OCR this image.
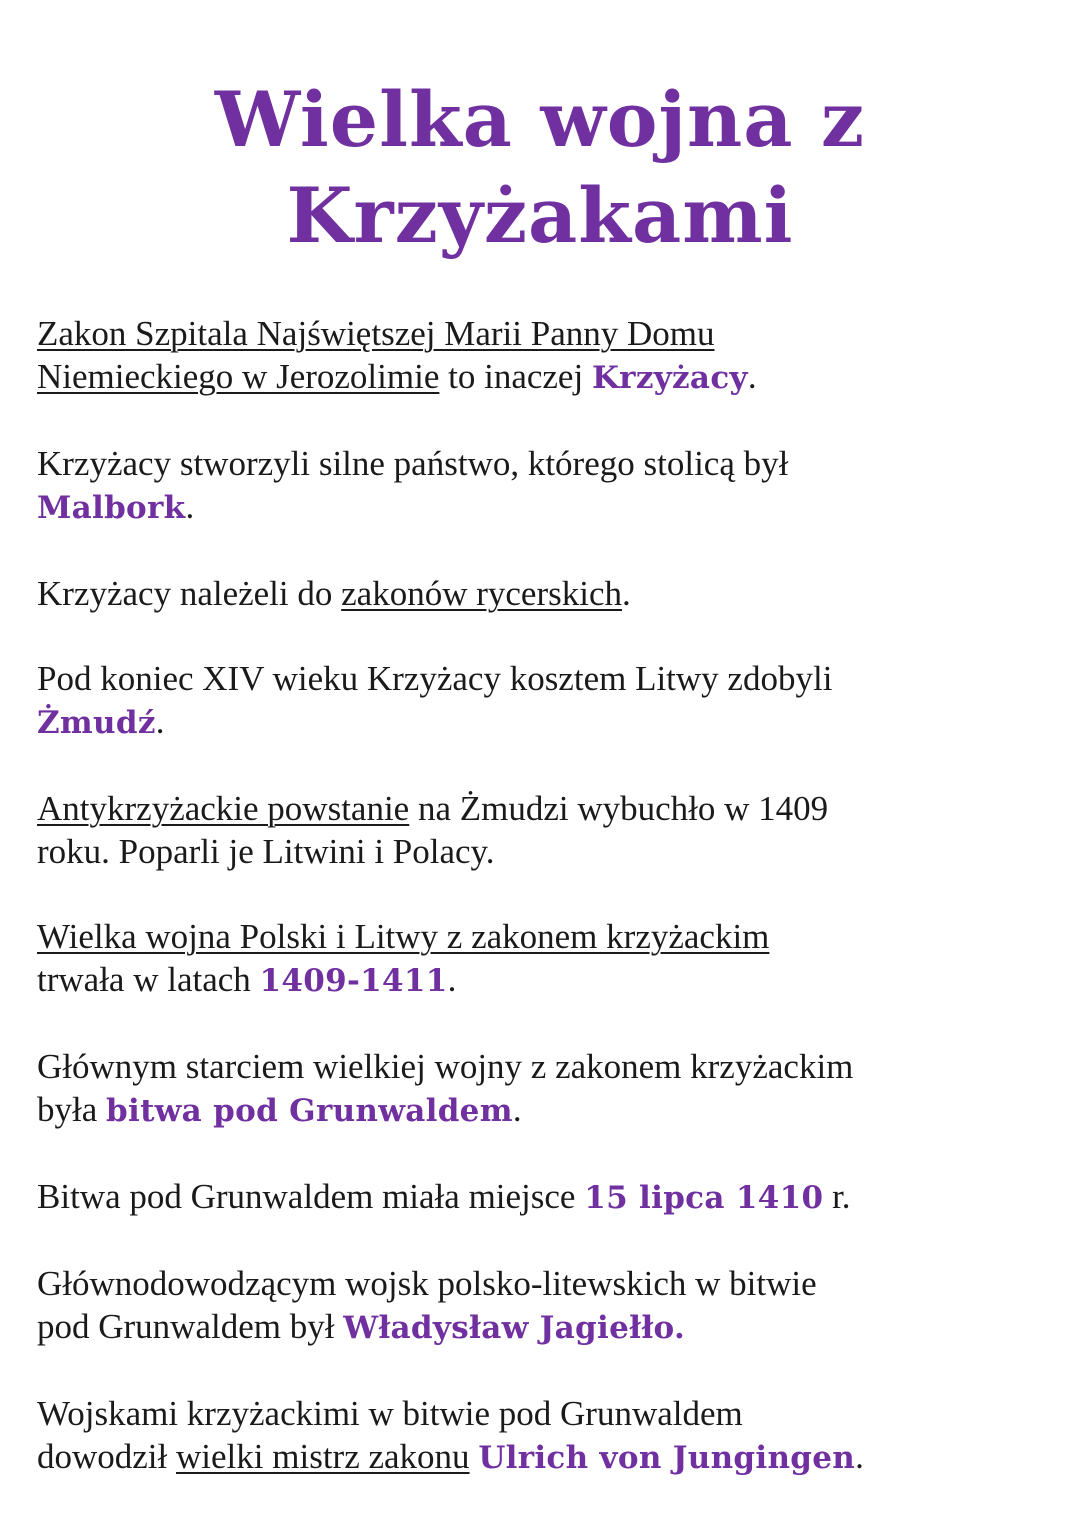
Wielka wojna z
Krzyżakami

Zakon Szpitala Najświętszej Marii Panny Domu
Niemieckiego w Jerozolimie to inaczej Krzyżacy.

Krzyżacy stworzyli silne państwo, którego stolicą był
Malbork.

Krzyżacy należeli do zakonów rycerskich.

Pod koniec XIV wieku Krzyżacy kosztem Litwy zdobyli
Żmudź.

Antykrzyżackie powstanie na Żmudzi wybuchło w 1409
roku. Poparli je Litwini i Polacy.

Wielka wojna Polski i Litwy z zakonem krzyżackim
trwała w latach 1409-1411.

Głównym starciem wielkiej wojny z zakonem krzyżackim
była bitwa pod Grunwaldem.

Bitwa pod Grunwaldem miała miejsce 15 lipca 1410 r.

Głównodowodzącym wojsk polsko-litewskich w bitwie
pod Grunwaldem był Władysław Jagiełło.

Wojskami krzyżackimi w bitwie pod Grunwaldem
dowodził wielki mistrz zakonu Ulrich von Jungingen.
